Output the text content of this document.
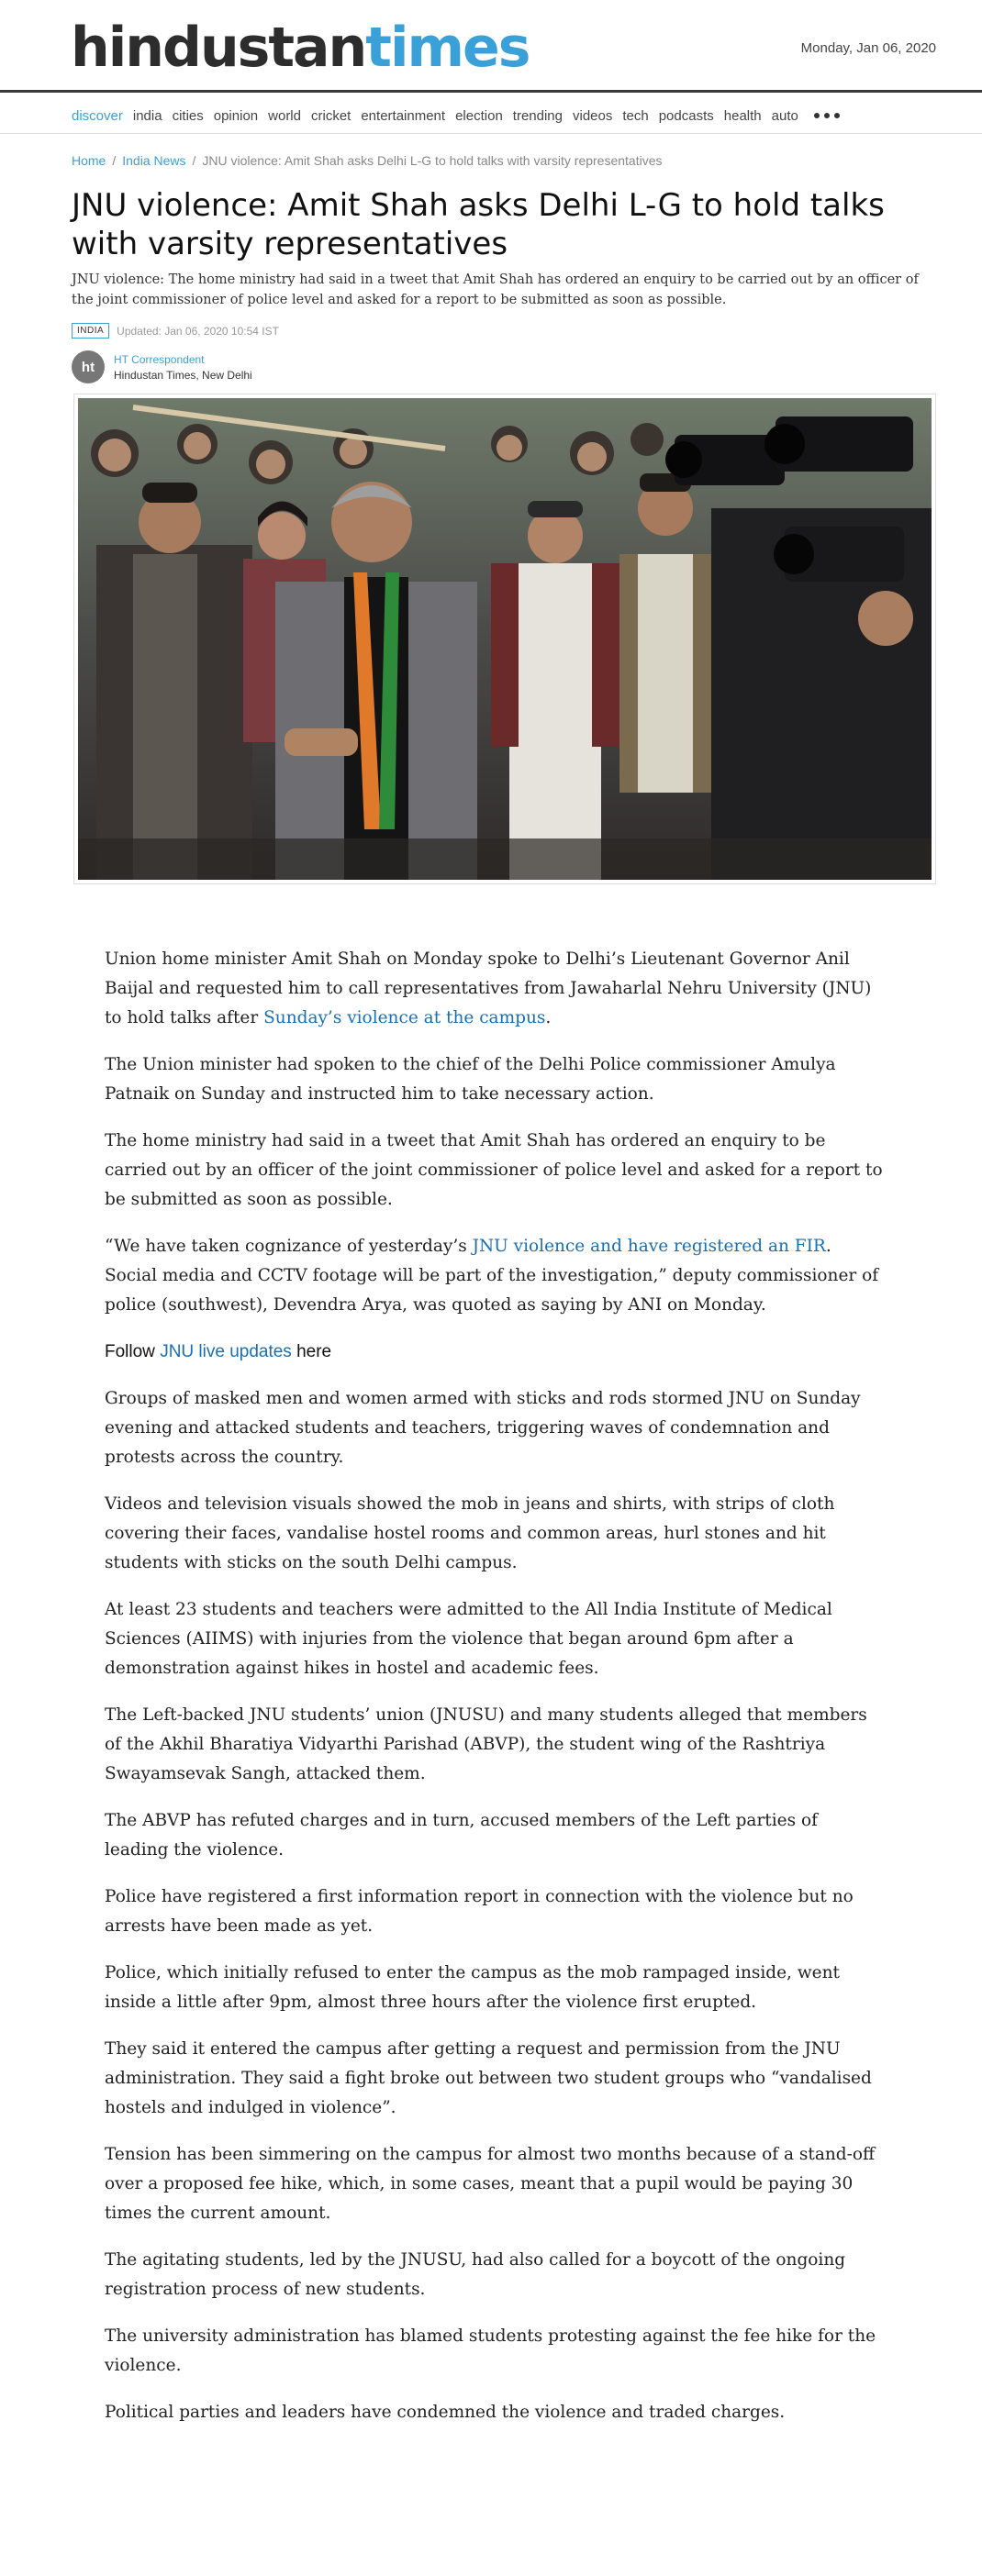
hindustantimes	Monday, Jan 06, 2020
discover india cities opinion world cricket entertainment election trending videos tech podcasts health auto
Home / India News / JNU violence: Amit Shah asks Delhi L-G to hold talks with varsity representatives
JNU violence: Amit Shah asks Delhi L-G to hold talks with varsity representatives

JNU violence: The home ministry had said in a tweet that Amit Shah has ordered an enquiry to be carried out by an officer of the joint commissioner of police level and asked for a report to be submitted as soon as possible.

INDIA	Updated: Jan 06, 2020 10:54 IST
ht	HT Correspondent
Hindustan Times, New Delhi

Union home minister Amit Shah on Monday spoke to Delhi’s Lieutenant Governor Anil Baijal and requested him to call representatives from Jawaharlal Nehru University (JNU) to hold talks after Sunday’s violence at the campus.

The Union minister had spoken to the chief of the Delhi Police commissioner Amulya Patnaik on Sunday and instructed him to take necessary action.

The home ministry had said in a tweet that Amit Shah has ordered an enquiry to be carried out by an officer of the joint commissioner of police level and asked for a report to be submitted as soon as possible.

“We have taken cognizance of yesterday’s JNU violence and have registered an FIR. Social media and CCTV footage will be part of the investigation,” deputy commissioner of police (southwest), Devendra Arya, was quoted as saying by ANI on Monday.

Follow JNU live updates here

Groups of masked men and women armed with sticks and rods stormed JNU on Sunday evening and attacked students and teachers, triggering waves of condemnation and protests across the country.

Videos and television visuals showed the mob in jeans and shirts, with strips of cloth covering their faces, vandalise hostel rooms and common areas, hurl stones and hit students with sticks on the south Delhi campus.

At least 23 students and teachers were admitted to the All India Institute of Medical Sciences (AIIMS) with injuries from the violence that began around 6pm after a demonstration against hikes in hostel and academic fees.

The Left-backed JNU students’ union (JNUSU) and many students alleged that members of the Akhil Bharatiya Vidyarthi Parishad (ABVP), the student wing of the Rashtriya Swayamsevak Sangh, attacked them.

The ABVP has refuted charges and in turn, accused members of the Left parties of leading the violence.

Police have registered a first information report in connection with the violence but no arrests have been made as yet.

Police, which initially refused to enter the campus as the mob rampaged inside, went inside a little after 9pm, almost three hours after the violence first erupted.

They said it entered the campus after getting a request and permission from the JNU administration. They said a fight broke out between two student groups who “vandalised hostels and indulged in violence”.

Tension has been simmering on the campus for almost two months because of a stand-off over a proposed fee hike, which, in some cases, meant that a pupil would be paying 30 times the current amount.

The agitating students, led by the JNUSU, had also called for a boycott of the ongoing registration process of new students.

The university administration has blamed students protesting against the fee hike for the violence.

Political parties and leaders have condemned the violence and traded charges.
